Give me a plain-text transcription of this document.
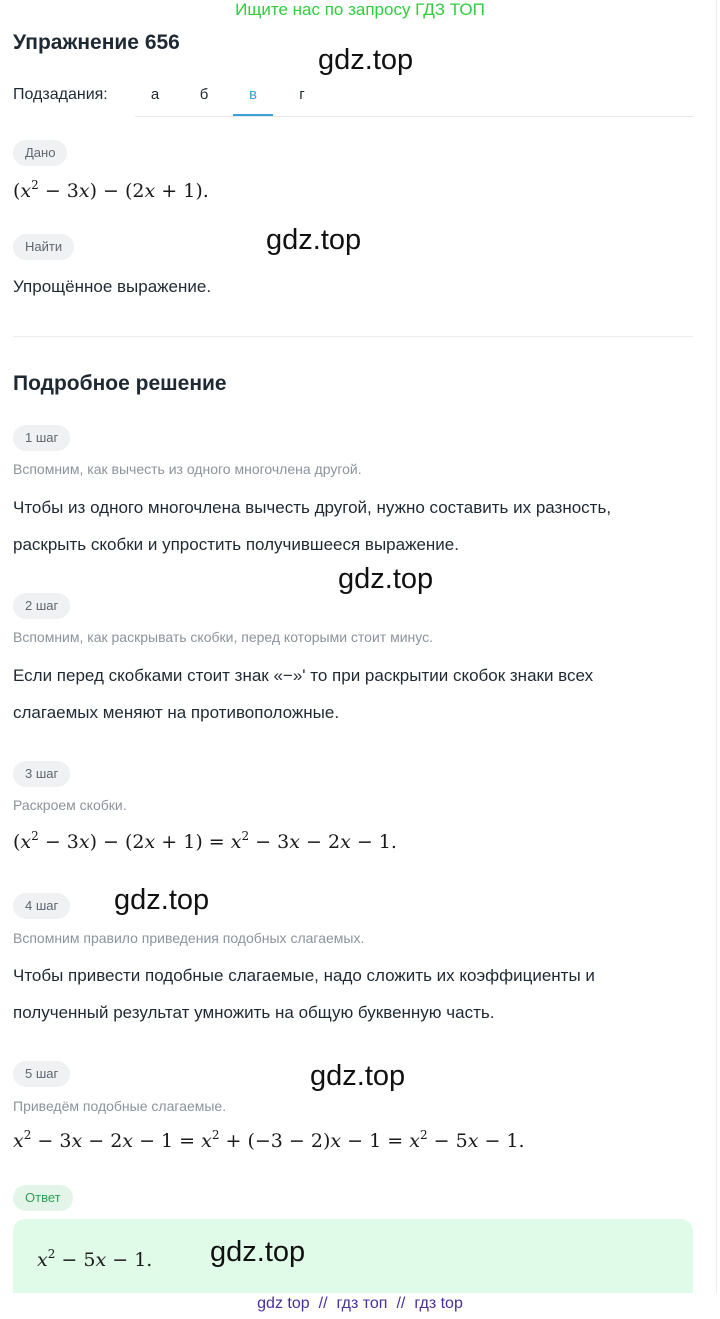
Ищите нас по запросу ГДЗ ТОП
Упражнение 656
gdz.top
Подзадания:	а	б	в	г
Дано
$(x^2 - 3x) - (2x + 1)$.
Найти	gdz.top
Упрощённое выражение.
Подробное решение
1 шаг
Вспомним, как вычесть из одного многочлена другой.
Чтобы из одного многочлена вычесть другой, нужно составить их разность,
раскрыть скобки и упростить получившееся выражение.
gdz.top
2 шаг
Вспомним, как раскрывать скобки, перед которыми стоит минус.
Если перед скобками стоит знак «−»' то при раскрытии скобок знаки всех
слагаемых меняют на противоположные.
3 шаг
Раскроем скобки.
$(x^2 - 3x) - (2x + 1) = x^2 - 3x - 2x - 1$.
4 шаг	gdz.top
Вспомним правило приведения подобных слагаемых.
Чтобы привести подобные слагаемые, надо сложить их коэффициенты и
полученный результат умножить на общую буквенную часть.
gdz.top
5 шаг
Приведём подобные слагаемые.
$x^2 - 3x - 2x - 1 = x^2 + (-3 - 2)x - 1 = x^2 - 5x - 1$.
Ответ
$x^2 - 5x - 1$. gdz.top
gdz top // гдз топ // гдз top
